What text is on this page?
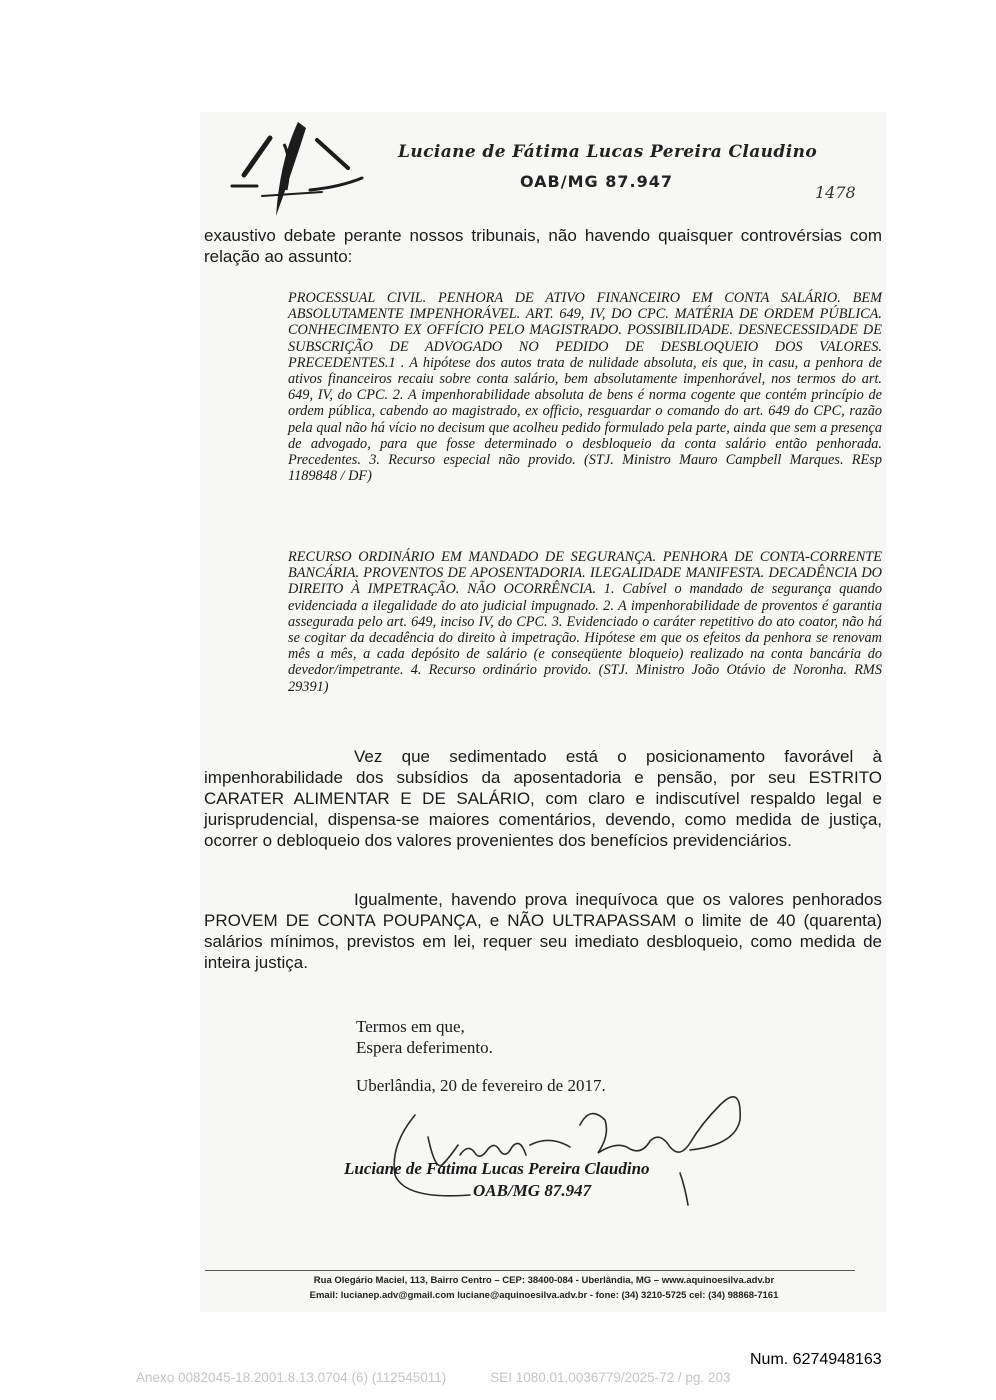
Luciane de Fátima Lucas Pereira Claudino
OAB/MG 87.947
1478
exaustivo debate perante nossos tribunais, não havendo quaisquer controvérsias com relação ao assunto:
PROCESSUAL CIVIL. PENHORA DE ATIVO FINANCEIRO EM CONTA SALÁRIO. BEM ABSOLUTAMENTE IMPENHORÁVEL. ART. 649, IV, DO CPC. MATÉRIA DE ORDEM PÚBLICA. CONHECIMENTO EX OFFÍCIO PELO MAGISTRADO. POSSIBILIDADE. DESNECESSIDADE DE SUBSCRIÇÃO DE ADVOGADO NO PEDIDO DE DESBLOQUEIO DOS VALORES. PRECEDENTES.1 . A hipótese dos autos trata de nulidade absoluta, eis que, in casu, a penhora de ativos financeiros recaiu sobre conta salário, bem absolutamente impenhorável, nos termos do art. 649, IV, do CPC. 2. A impenhorabilidade absoluta de bens é norma cogente que contém princípio de ordem pública, cabendo ao magistrado, ex officio, resguardar o comando do art. 649 do CPC, razão pela qual não há vício no decisum que acolheu pedido formulado pela parte, ainda que sem a presença de advogado, para que fosse determinado o desbloqueio da conta salário então penhorada. Precedentes. 3. Recurso especial não provido. (STJ. Ministro Mauro Campbell Marques. REsp 1189848 / DF)
RECURSO ORDINÁRIO EM MANDADO DE SEGURANÇA. PENHORA DE CONTA-CORRENTE BANCÁRIA. PROVENTOS DE APOSENTADORIA. ILEGALIDADE MANIFESTA. DECADÊNCIA DO DIREITO À IMPETRAÇÃO. NÃO OCORRÊNCIA. 1. Cabível o mandado de segurança quando evidenciada a ilegalidade do ato judicial impugnado. 2. A impenhorabilidade de proventos é garantia assegurada pelo art. 649, inciso IV, do CPC. 3. Evidenciado o caráter repetitivo do ato coator, não há se cogitar da decadência do direito à impetração. Hipótese em que os efeitos da penhora se renovam mês a mês, a cada depósito de salário (e conseqüente bloqueio) realizado na conta bancária do devedor/impetrante. 4. Recurso ordinário provido. (STJ. Ministro João Otávio de Noronha. RMS 29391)
Vez que sedimentado está o posicionamento favorável à impenhorabilidade dos subsídios da aposentadoria e pensão, por seu ESTRITO CARATER ALIMENTAR E DE SALÁRIO, com claro e indiscutível respaldo legal e jurisprudencial, dispensa-se maiores comentários, devendo, como medida de justiça, ocorrer o debloqueio dos valores provenientes dos benefícios previdenciários.
Igualmente, havendo prova inequívoca que os valores penhorados PROVEM DE CONTA POUPANÇA, e NÃO ULTRAPASSAM o limite de 40 (quarenta) salários mínimos, previstos em lei, requer seu imediato desbloqueio, como medida de inteira justiça.
Termos em que,
Espera deferimento.
Uberlândia, 20 de fevereiro de 2017.
Luciane de Fátima Lucas Pereira Claudino
OAB/MG 87.947
Rua Olegário Maciel, 113, Bairro Centro – CEP: 38400-084 - Uberlândia, MG – www.aquinoesilva.adv.br
Email: lucianep.adv@gmail.com luciane@aquinoesilva.adv.br - fone: (34) 3210-5725 cel: (34) 98868-7161
Num. 6274948163
Anexo 0082045-18.2001.8.13.0704 (6) (112545011)	SEI 1080.01.0036779/2025-72 / pg. 203
